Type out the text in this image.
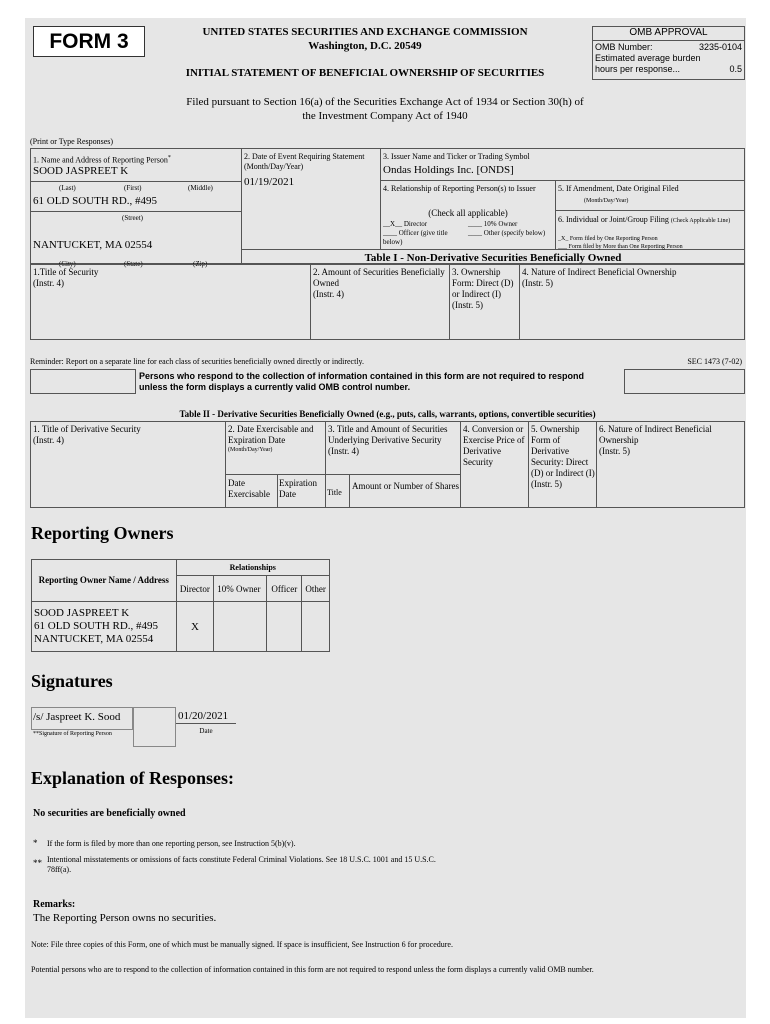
FORM 3	UNITED STATES SECURITIES AND EXCHANGE COMMISSION
Washington, D.C. 20549
INITIAL STATEMENT OF BENEFICIAL OWNERSHIP OF SECURITIES
OMB APPROVAL
OMB Number:	3235-0104
Estimated average burden
hours per response...	0.5
Filed pursuant to Section 16(a) of the Securities Exchange Act of 1934 or Section 30(h) of
the Investment Company Act of 1940
(Print or Type Responses)
1. Name and Address of Reporting Person*
SOOD JASPREET K
(Last)	(First)	(Middle)
61 OLD SOUTH RD., #495
(Street)
NANTUCKET, MA 02554
(City)	(State)	(Zip)
2. Date of Event Requiring Statement (Month/Day/Year)
01/19/2021
3. Issuer Name and Ticker or Trading Symbol
Ondas Holdings Inc. [ONDS]
4. Relationship of Reporting Person(s) to Issuer
(Check all applicable)
__X__ Director
____ Officer (give title below)
____ 10% Owner
____ Other (specify below)
5. If Amendment, Date Original Filed
(Month/Day/Year)
6. Individual or Joint/Group Filing (Check Applicable Line)
_X_ Form filed by One Reporting Person
___ Form filed by More than One Reporting Person
Table I - Non-Derivative Securities Beneficially Owned
1.Title of Security
(Instr. 4)
2. Amount of Securities Beneficially Owned
(Instr. 4)
3. Ownership Form: Direct (D) or Indirect (I)
(Instr. 5)
4. Nature of Indirect Beneficial Ownership
(Instr. 5)
Reminder: Report on a separate line for each class of securities beneficially owned directly or indirectly.	SEC 1473 (7-02)
Persons who respond to the collection of information contained in this form are not required to respond
unless the form displays a currently valid OMB control number.
Table II - Derivative Securities Beneficially Owned (e.g., puts, calls, warrants, options, convertible securities)
1. Title of Derivative Security
(Instr. 4)
2. Date Exercisable and Expiration Date
(Month/Day/Year)
Date Exercisable
Expiration Date
3. Title and Amount of Securities Underlying Derivative Security
(Instr. 4)
Title
Amount or Number of Shares
4. Conversion or Exercise Price of Derivative Security
5. Ownership Form of Derivative Security: Direct (D) or Indirect (I)
(Instr. 5)
6. Nature of Indirect Beneficial Ownership
(Instr. 5)
Reporting Owners
Reporting Owner Name / Address	Relationships			
	Director	10% Owner	Officer	Other

SOOD JASPREET K
61 OLD SOUTH RD., #495
NANTUCKET, MA 02554	X			
Signatures
/s/ Jaspreet K. Sood
**Signature of Reporting Person
01/20/2021
Date
Explanation of Responses:
No securities are beneficially owned
* If the form is filed by more than one reporting person, see Instruction 5(b)(v).
** Intentional misstatements or omissions of facts constitute Federal Criminal Violations. See 18 U.S.C. 1001 and 15 U.S.C.
78ff(a).
Remarks:
The Reporting Person owns no securities.
Note: File three copies of this Form, one of which must be manually signed. If space is insufficient, See Instruction 6 for procedure.
Potential persons who are to respond to the collection of information contained in this form are not required to respond unless the form displays a currently valid OMB number.
